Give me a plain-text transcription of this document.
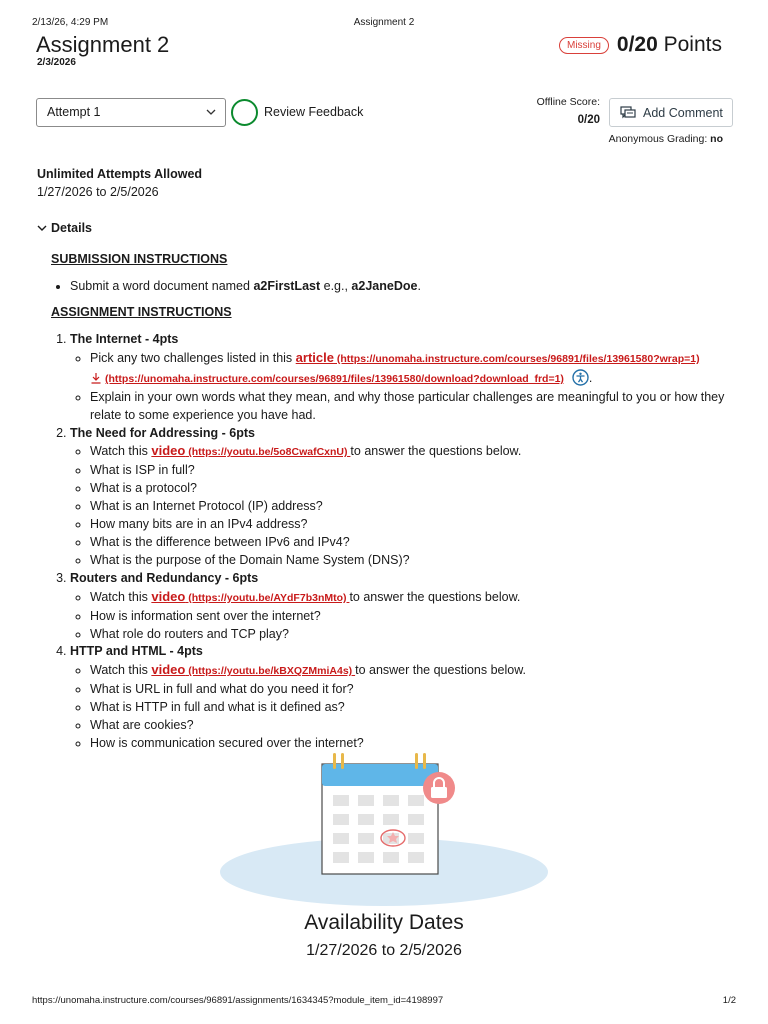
2/13/26, 4:29 PM	Assignment 2
Assignment 2
2/3/2026
Missing 0/20 Points
Attempt 1	Review Feedback
Offline Score:
0/20
Add Comment
Anonymous Grading: no
Unlimited Attempts Allowed
1/27/2026 to 2/5/2026
Details
SUBMISSION INSTRUCTIONS
• Submit a word document named a2FirstLast e.g., a2JaneDoe.
ASSIGNMENT INSTRUCTIONS
1. The Internet - 4pts
◦ Pick any two challenges listed in this article (https://unomaha.instructure.com/courses/96891/files/13961580?wrap=1)
(https://unomaha.instructure.com/courses/96891/files/13961580/download?download_frd=1) .
◦ Explain in your own words what they mean, and why those particular challenges are meaningful to you or how they relate to some experience you have had.
2. The Need for Addressing - 6pts
◦ Watch this video (https://youtu.be/5o8CwafCxnU) to answer the questions below.
◦ What is ISP in full?
◦ What is a protocol?
◦ What is an Internet Protocol (IP) address?
◦ How many bits are in an IPv4 address?
◦ What is the difference between IPv6 and IPv4?
◦ What is the purpose of the Domain Name System (DNS)?
3. Routers and Redundancy - 6pts
◦ Watch this video (https://youtu.be/AYdF7b3nMto) to answer the questions below.
◦ How is information sent over the internet?
◦ What role do routers and TCP play?
4. HTTP and HTML - 4pts
◦ Watch this video (https://youtu.be/kBXQZMmiA4s) to answer the questions below.
◦ What is URL in full and what do you need it for?
◦ What is HTTP in full and what is it defined as?
◦ What are cookies?
◦ How is communication secured over the internet?
Availability Dates
1/27/2026 to 2/5/2026
https://unomaha.instructure.com/courses/96891/assignments/1634345?module_item_id=4198997	1/2
